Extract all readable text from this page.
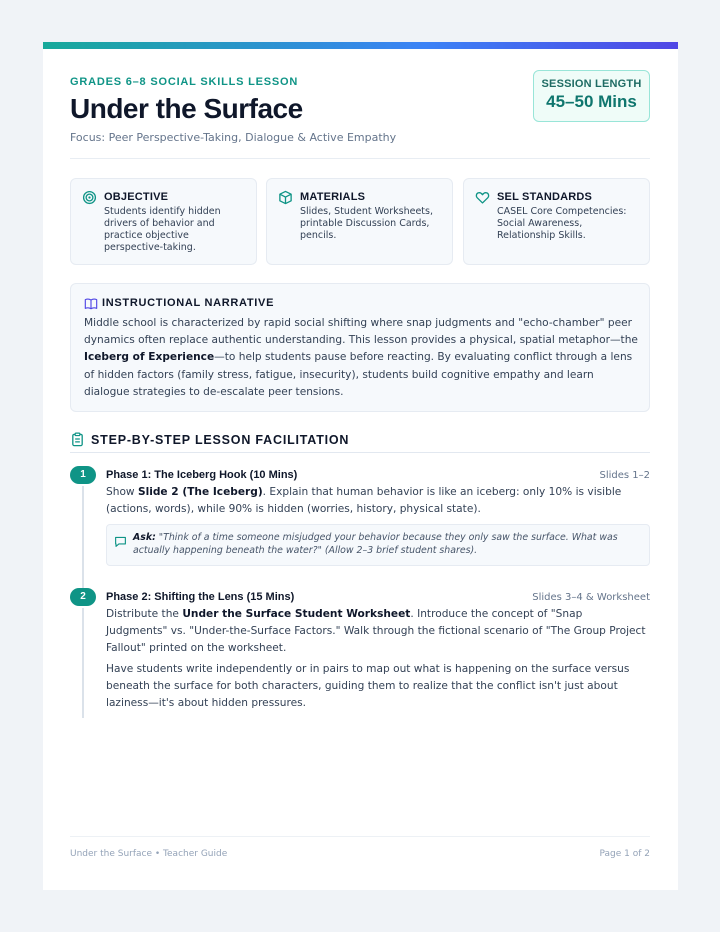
GRADES 6–8 SOCIAL SKILLS LESSON
Under the Surface
Focus: Peer Perspective-Taking, Dialogue & Active Empathy
SESSION LENGTH
45–50 Mins
OBJECTIVE
Students identify hidden drivers of behavior and practice objective perspective-taking.
MATERIALS
Slides, Student Worksheets, printable Discussion Cards, pencils.
SEL STANDARDS
CASEL Core Competencies: Social Awareness, Relationship Skills.
INSTRUCTIONAL NARRATIVE
Middle school is characterized by rapid social shifting where snap judgments and "echo-chamber" peer dynamics often replace authentic understanding. This lesson provides a physical, spatial metaphor—the Iceberg of Experience—to help students pause before reacting. By evaluating conflict through a lens of hidden factors (family stress, fatigue, insecurity), students build cognitive empathy and learn dialogue strategies to de-escalate peer tensions.
STEP-BY-STEP LESSON FACILITATION
1	Phase 1: The Iceberg Hook (10 Mins)	Slides 1–2
Show Slide 2 (The Iceberg). Explain that human behavior is like an iceberg: only 10% is visible (actions, words), while 90% is hidden (worries, history, physical state).
Ask: "Think of a time someone misjudged your behavior because they only saw the surface. What was actually happening beneath the water?" (Allow 2–3 brief student shares).
2	Phase 2: Shifting the Lens (15 Mins)	Slides 3–4 & Worksheet
Distribute the Under the Surface Student Worksheet. Introduce the concept of "Snap Judgments" vs. "Under-the-Surface Factors." Walk through the fictional scenario of "The Group Project Fallout" printed on the worksheet.
Have students write independently or in pairs to map out what is happening on the surface versus beneath the surface for both characters, guiding them to realize that the conflict isn't just about laziness—it's about hidden pressures.
Under the Surface • Teacher Guide	Page 1 of 2
